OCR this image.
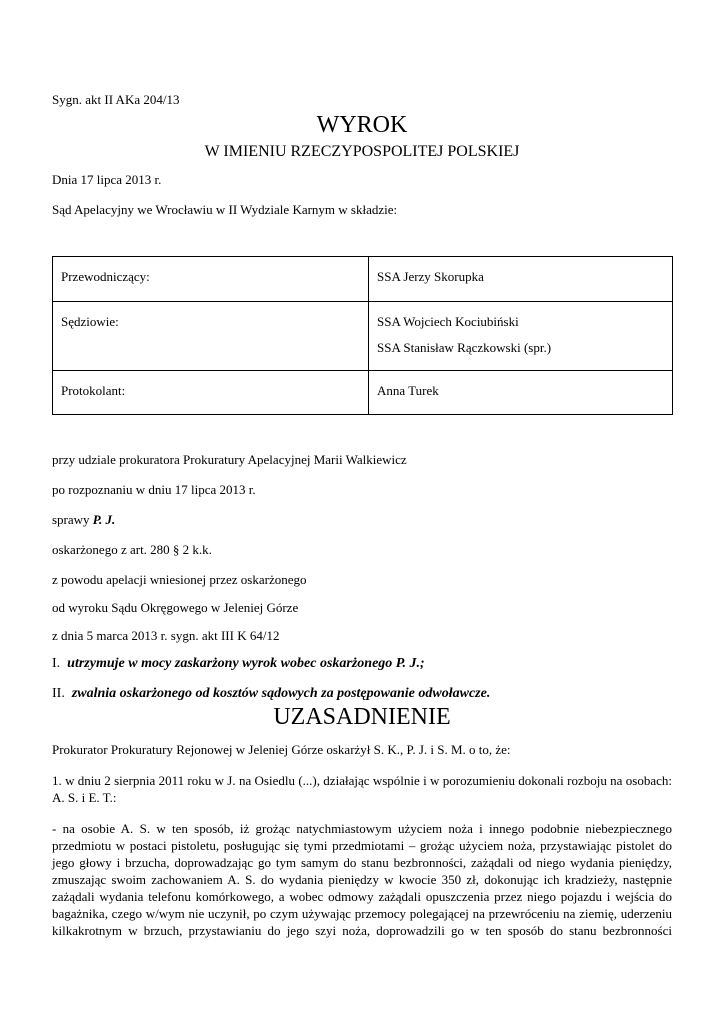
Sygn. akt II AKa 204/13
WYROK
W IMIENIU RZECZYPOSPOLITEJ POLSKIEJ
Dnia 17 lipca 2013 r.
Sąd Apelacyjny we Wrocławiu w II Wydziale Karnym w składzie:
Przewodniczący:	SSA Jerzy Skorupka

Sędziowie:	SSA Wojciech Kociubiński
SSA Stanisław Rączkowski (spr.)

Protokolant:	Anna Turek
przy udziale prokuratora Prokuratury Apelacyjnej Marii Walkiewicz
po rozpoznaniu w dniu 17 lipca 2013 r.
sprawy P. J.
oskarżonego z art. 280 § 2 k.k.
z powodu apelacji wniesionej przez oskarżonego
od wyroku Sądu Okręgowego w Jeleniej Górze
z dnia 5 marca 2013 r. sygn. akt III K 64/12
I. utrzymuje w mocy zaskarżony wyrok wobec oskarżonego P. J.;
II. zwalnia oskarżonego od kosztów sądowych za postępowanie odwoławcze.
UZASADNIENIE
Prokurator Prokuratury Rejonowej w Jeleniej Górze oskarżył S. K., P. J. i S. M. o to, że:
1. w dniu 2 sierpnia 2011 roku w J. na Osiedlu (...), działając wspólnie i w porozumieniu dokonali rozboju na osobach:
A. S. i E. T.:
- na osobie A. S. w ten sposób, iż grożąc natychmiastowym użyciem noża i innego podobnie niebezpiecznego
przedmiotu w postaci pistoletu, posługując się tymi przedmiotami – grożąc użyciem noża, przystawiając pistolet do
jego głowy i brzucha, doprowadzając go tym samym do stanu bezbronności, zażądali od niego wydania pieniędzy,
zmuszając swoim zachowaniem A. S. do wydania pieniędzy w kwocie 350 zł, dokonując ich kradzieży, następnie
zażądali wydania telefonu komórkowego, a wobec odmowy zażądali opuszczenia przez niego pojazdu i wejścia do
bagażnika, czego w/wym nie uczynił, po czym używając przemocy polegającej na przewróceniu na ziemię, uderzeniu
kilkakrotnym w brzuch, przystawianiu do jego szyi noża, doprowadzili go w ten sposób do stanu bezbronności
